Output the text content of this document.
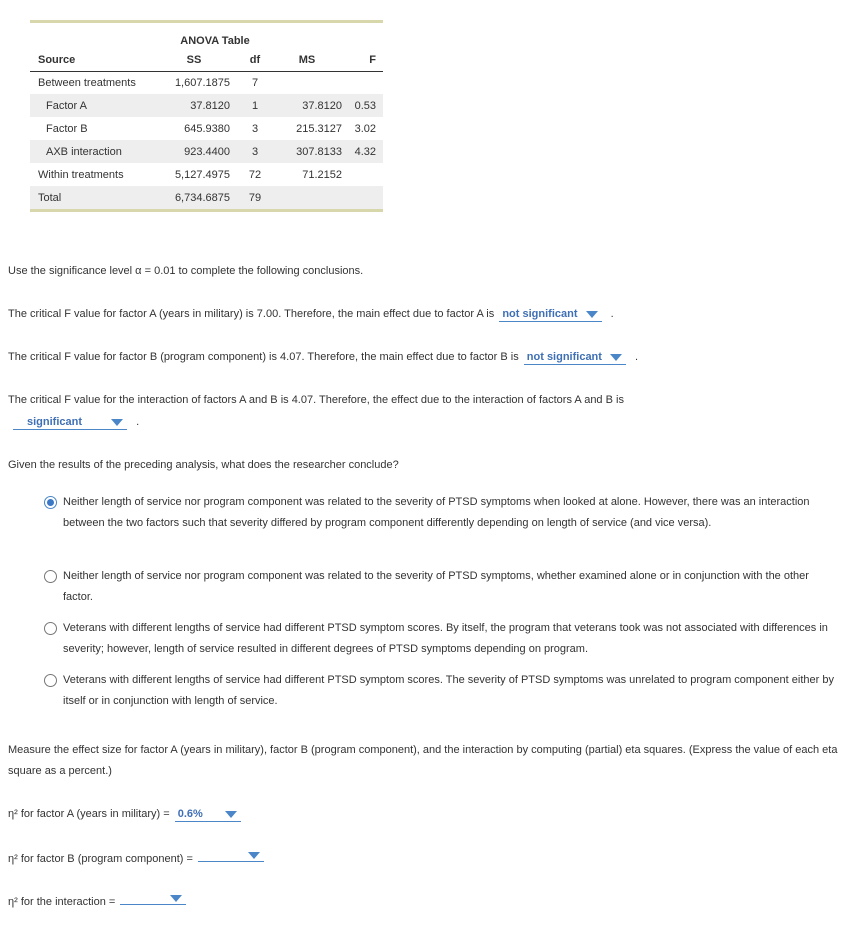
	ANOVA Table			
Source	SS	df	MS	F
Between treatments	1,607.1875	7		
Factor A	37.8120	1	37.8120	0.53
Factor B	645.9380	3	215.3127	3.02
AXB interaction	923.4400	3	307.8133	4.32
Within treatments	5,127.4975	72	71.2152	
Total	6,734.6875	79		
Use the significance level α = 0.01 to complete the following conclusions.
The critical F value for factor A (years in military) is 7.00. Therefore, the main effect due to factor A is not significant	.
The critical F value for factor B (program component) is 4.07. Therefore, the main effect due to factor B is not significant	.
The critical F value for the interaction of factors A and B is 4.07. Therefore, the effect due to the interaction of factors A and B is
significant	.
Given the results of the preceding analysis, what does the researcher conclude?
Neither length of service nor program component was related to the severity of PTSD symptoms when looked at alone. However, there was an interaction between the two factors such that severity differed by program component differently depending on length of service (and vice versa).
Neither length of service nor program component was related to the severity of PTSD symptoms, whether examined alone or in conjunction with the other factor.
Veterans with different lengths of service had different PTSD symptom scores. By itself, the program that veterans took was not associated with differences in severity; however, length of service resulted in different degrees of PTSD symptoms depending on program.
Veterans with different lengths of service had different PTSD symptom scores. The severity of PTSD symptoms was unrelated to program component either by itself or in conjunction with length of service.
Measure the effect size for factor A (years in military), factor B (program component), and the interaction by computing (partial) eta squares. (Express the value of each eta square as a percent.)
η² for factor A (years in military) = 0.6%
η² for factor B (program component) =
η² for the interaction =
